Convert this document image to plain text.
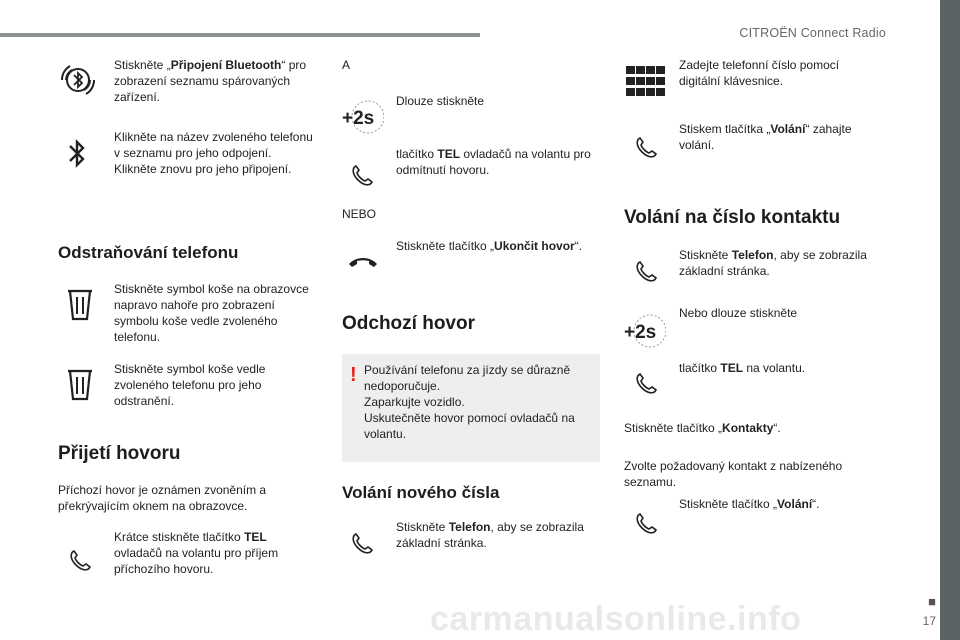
CITROËN Connect Radio
■
17
Stiskněte „Připojení Bluetooth“ pro zobrazení seznamu spárovaných zařízení.
Klikněte na název zvoleného telefonu v seznamu pro jeho odpojení.
Klikněte znovu pro jeho připojení.
Odstraňování telefonu
Stiskněte symbol koše na obrazovce napravo nahoře pro zobrazení symbolu koše vedle zvoleného telefonu.
Stiskněte symbol koše vedle zvoleného telefonu pro jeho odstranění.
Přijetí hovoru
Příchozí hovor je oznámen zvoněním a překrývajícím oknem na obrazovce.
Krátce stiskněte tlačítko TEL ovladačů na volantu pro příjem příchozího hovoru.
A
+2s
Dlouze stiskněte
tlačítko TEL ovladačů na volantu pro odmítnutí hovoru.
NEBO
Stiskněte tlačítko „Ukončit hovor“.
Odchozí hovor
! Používání telefonu za jízdy se důrazně nedoporučuje.
Zaparkujte vozidlo.
Uskutečněte hovor pomocí ovladačů na volantu.
Volání nového čísla
Stiskněte Telefon, aby se zobrazila základní stránka.
Zadejte telefonní číslo pomocí digitální klávesnice.
Stiskem tlačítka „Volání“ zahajte volání.
Volání na číslo kontaktu
Stiskněte Telefon, aby se zobrazila základní stránka.
+2s
Nebo dlouze stiskněte
tlačítko TEL na volantu.
Stiskněte tlačítko „Kontakty“.
Zvolte požadovaný kontakt z nabízeného seznamu.
Stiskněte tlačítko „Volání“.
carmanualsonline.info
